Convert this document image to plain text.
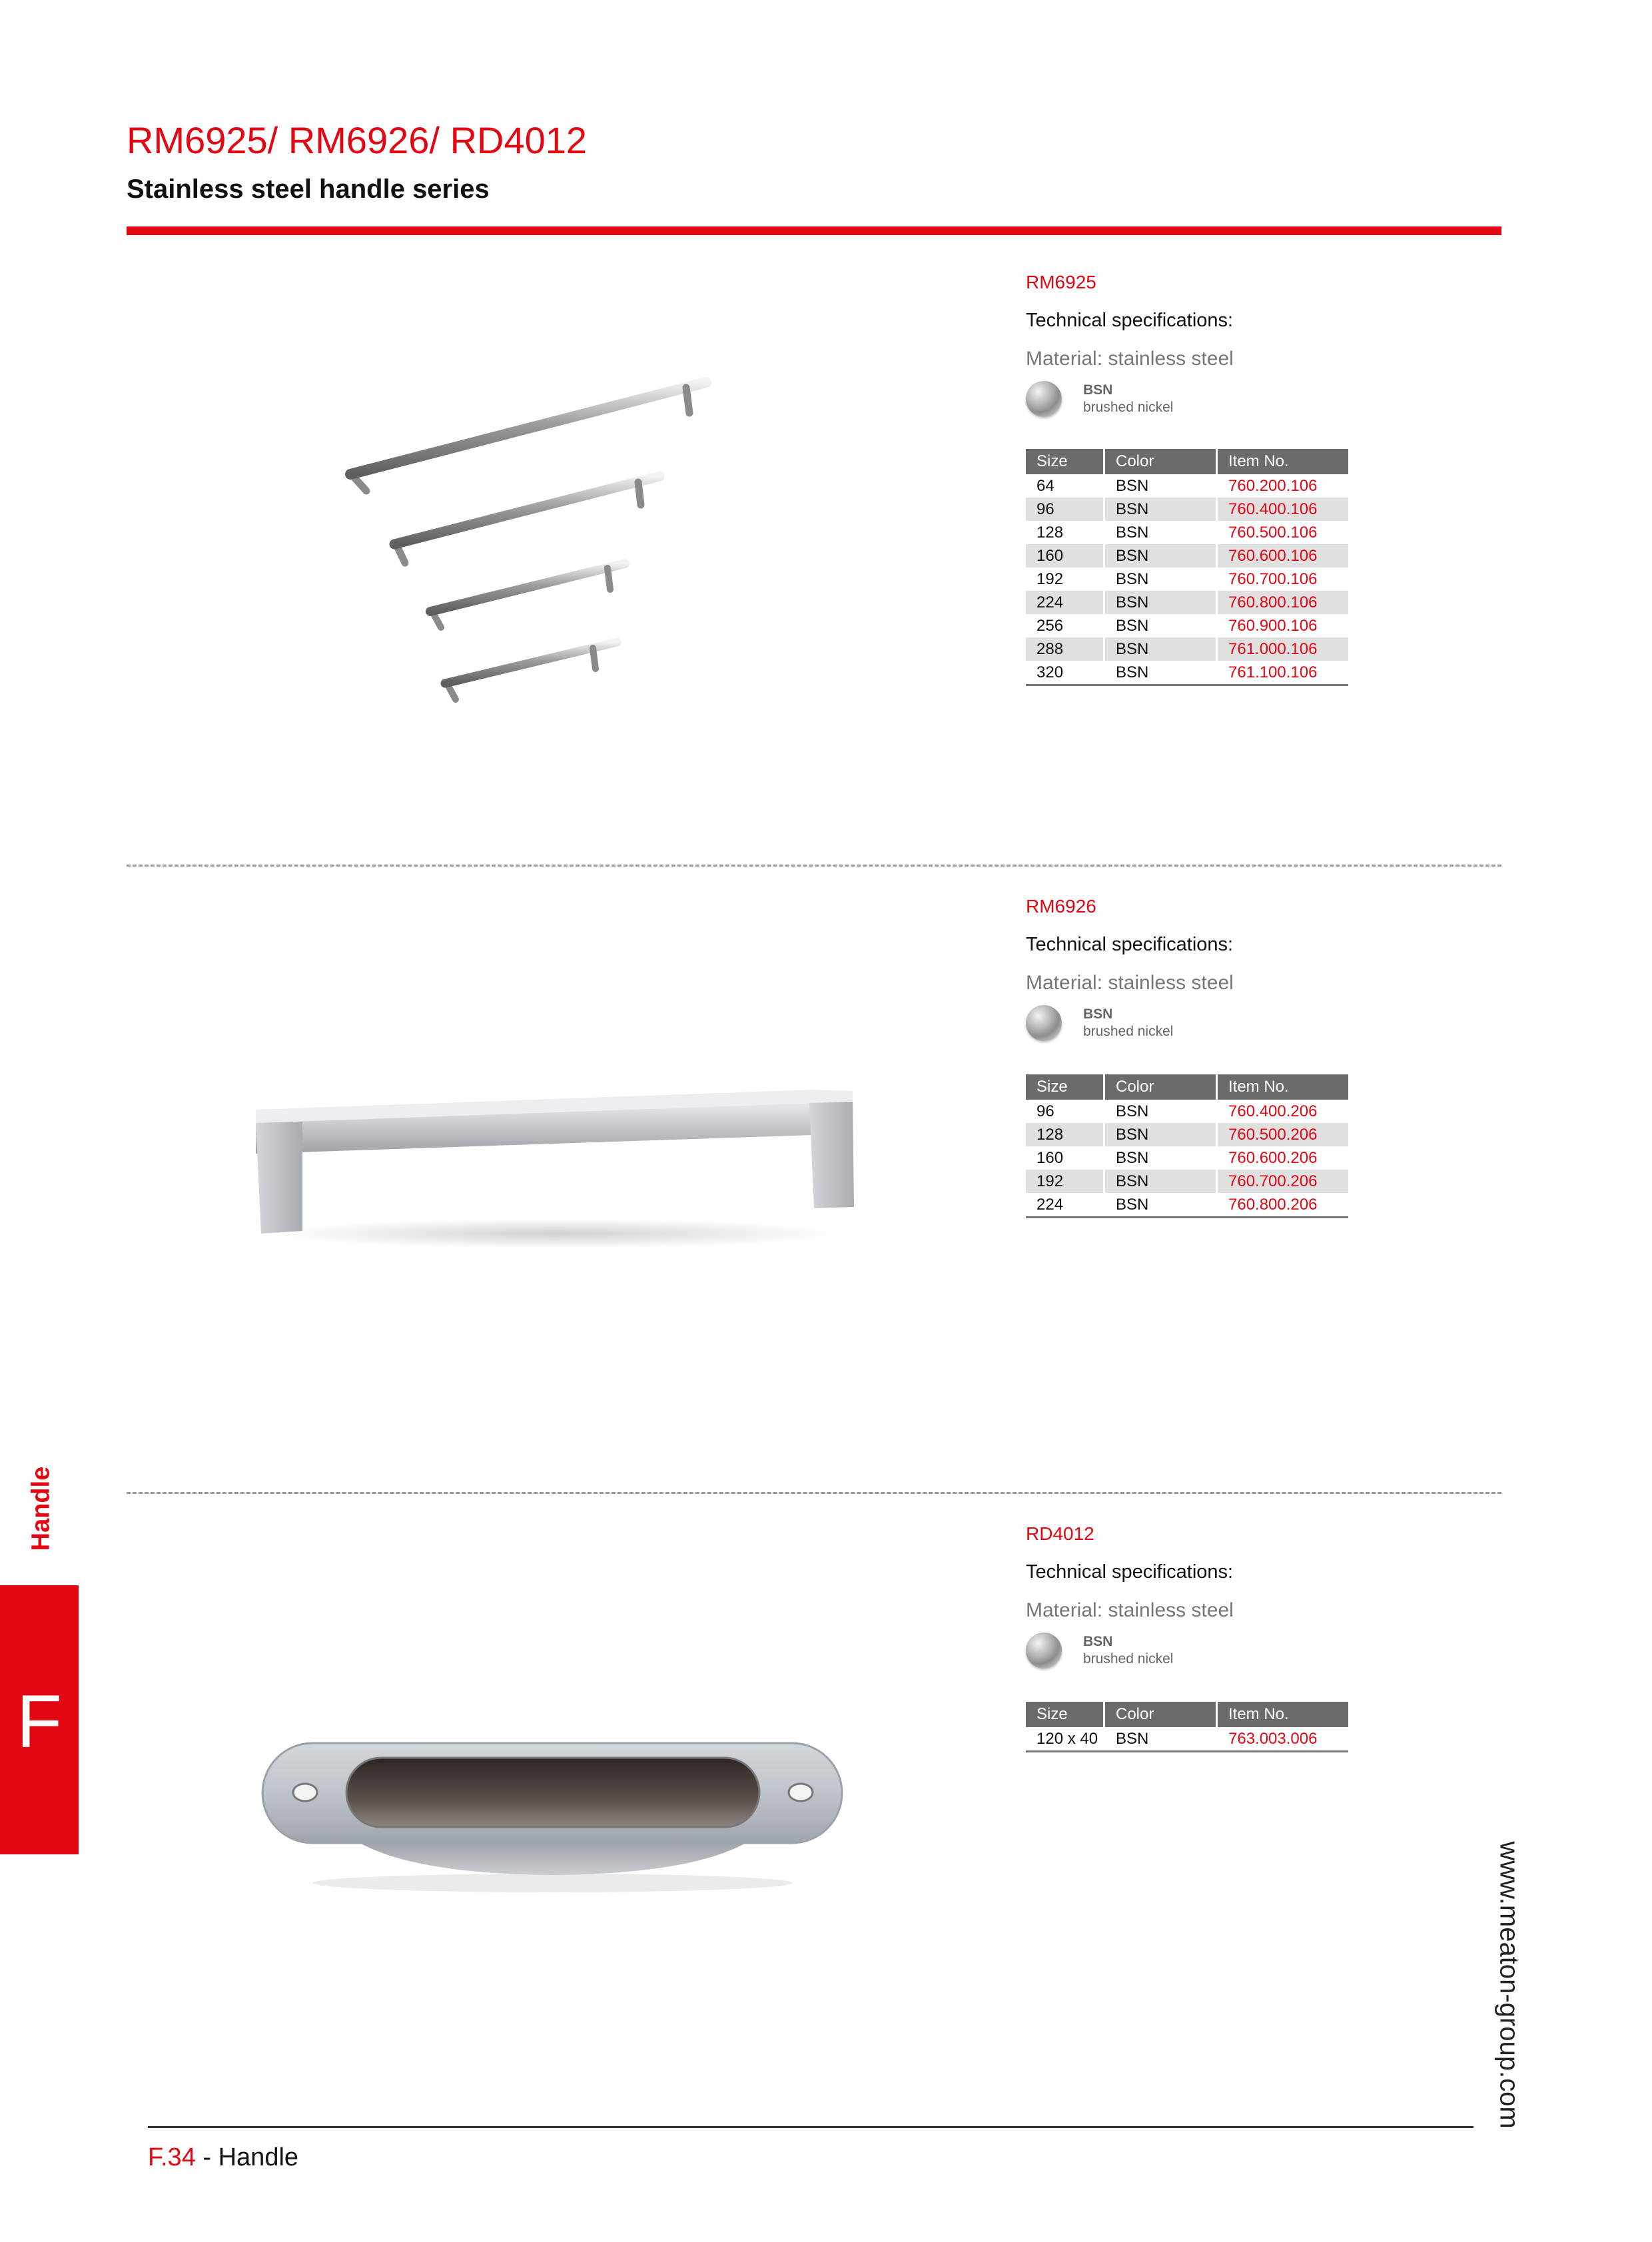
RM6925/ RM6926/ RD4012
Stainless steel handle series
RM6925
Technical specifications:
Material: stainless steel
BSN
brushed nickel
Size	Color	Item No.
64	BSN	760.200.106
96	BSN	760.400.106
128	BSN	760.500.106
160	BSN	760.600.106
192	BSN	760.700.106
224	BSN	760.800.106
256	BSN	760.900.106
288	BSN	761.000.106
320	BSN	761.100.106
RM6926
Technical specifications:
Material: stainless steel
BSN
brushed nickel
Size	Color	Item No.
96	BSN	760.400.206
128	BSN	760.500.206
160	BSN	760.600.206
192	BSN	760.700.206
224	BSN	760.800.206
RD4012
Technical specifications:
Material: stainless steel
BSN
brushed nickel
Size	Color	Item No.
120 x 40	BSN	763.003.006
Handle
F
www.meaton-group.com
F.34 - Handle
